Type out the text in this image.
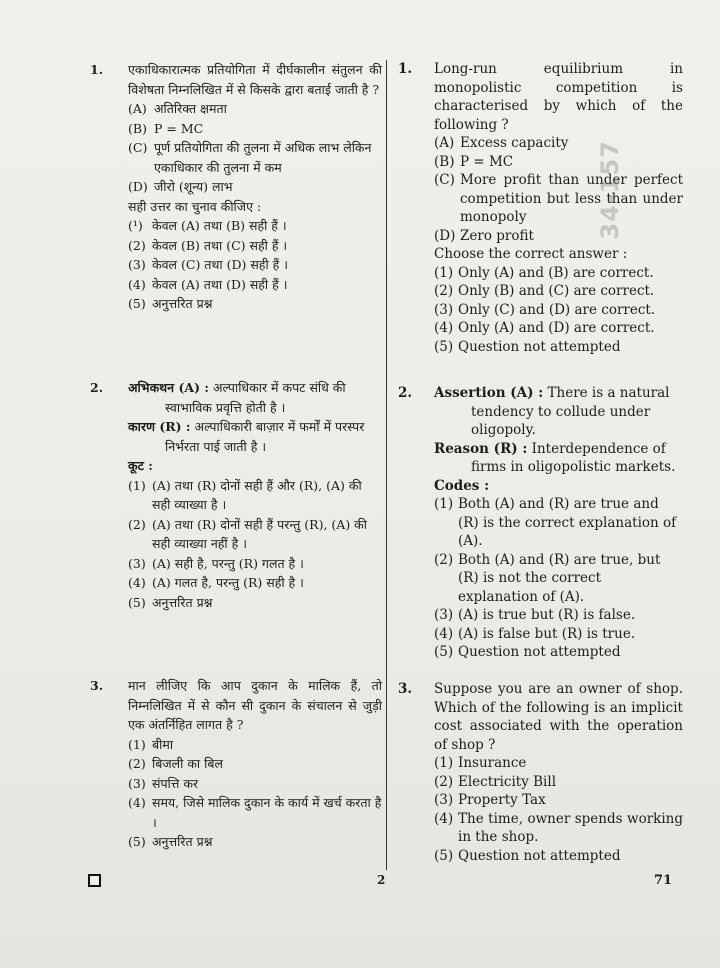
1. एकाधिकारात्मक प्रतियोगिता में दीर्घकालीन संतुलन की विशेषता निम्नलिखित में से किसके द्वारा बताई जाती है ?
(A) अतिरिक्त क्षमता
(B) P = MC
(C) पूर्ण प्रतियोगिता की तुलना में अधिक लाभ लेकिन एकाधिकार की तुलना में कम
(D) जीरो (शून्य) लाभ
सही उत्तर का चुनाव कीजिए :
(¹) केवल (A) तथा (B) सही हैं ।
(2) केवल (B) तथा (C) सही हैं ।
(3) केवल (C) तथा (D) सही हैं ।
(4) केवल (A) तथा (D) सही हैं ।
(5) अनुत्तरित प्रश्न
2. अभिकथन (A) : अल्पाधिकार में कपट संधि की स्वाभाविक प्रवृत्ति होती है ।
कारण (R) : अल्पाधिकारी बाज़ार में फर्मों में परस्पर निर्भरता पाई जाती है ।
कूट :
(1) (A) तथा (R) दोनों सही हैं और (R), (A) की सही व्याख्या है ।
(2) (A) तथा (R) दोनों सही हैं परन्तु (R), (A) की सही व्याख्या नहीं है ।
(3) (A) सही है, परन्तु (R) गलत है ।
(4) (A) गलत है, परन्तु (R) सही है ।
(5) अनुत्तरित प्रश्न
3. मान लीजिए कि आप दुकान के मालिक हैं, तो निम्नलिखित में से कौन सी दुकान के संचालन से जुड़ी एक अंतर्निहित लागत है ?
(1) बीमा
(2) बिजली का बिल
(3) संपत्ति कर
(4) समय, जिसे मालिक दुकान के कार्य में खर्च करता है ।
(5) अनुत्तरित प्रश्न
1. Long-run equilibrium in monopolistic competition is characterised by which of the following ?
(A) Excess capacity
(B) P = MC
(C) More profit than under perfect competition but less than under monopoly
(D) Zero profit
Choose the correct answer :
(1) Only (A) and (B) are correct.
(2) Only (B) and (C) are correct.
(3) Only (C) and (D) are correct.
(4) Only (A) and (D) are correct.
(5) Question not attempted
2. Assertion (A) : There is a natural tendency to collude under oligopoly.
Reason (R) : Interdependence of firms in oligopolistic markets.
Codes :
(1) Both (A) and (R) are true and (R) is the correct explanation of (A).
(2) Both (A) and (R) are true, but (R) is not the correct explanation of (A).
(3) (A) is true but (R) is false.
(4) (A) is false but (R) is true.
(5) Question not attempted
3. Suppose you are an owner of shop. Which of the following is an implicit cost associated with the operation of shop ?
(1) Insurance
(2) Electricity Bill
(3) Property Tax
(4) The time, owner spends working in the shop.
(5) Question not attempted
34-157
2	71
